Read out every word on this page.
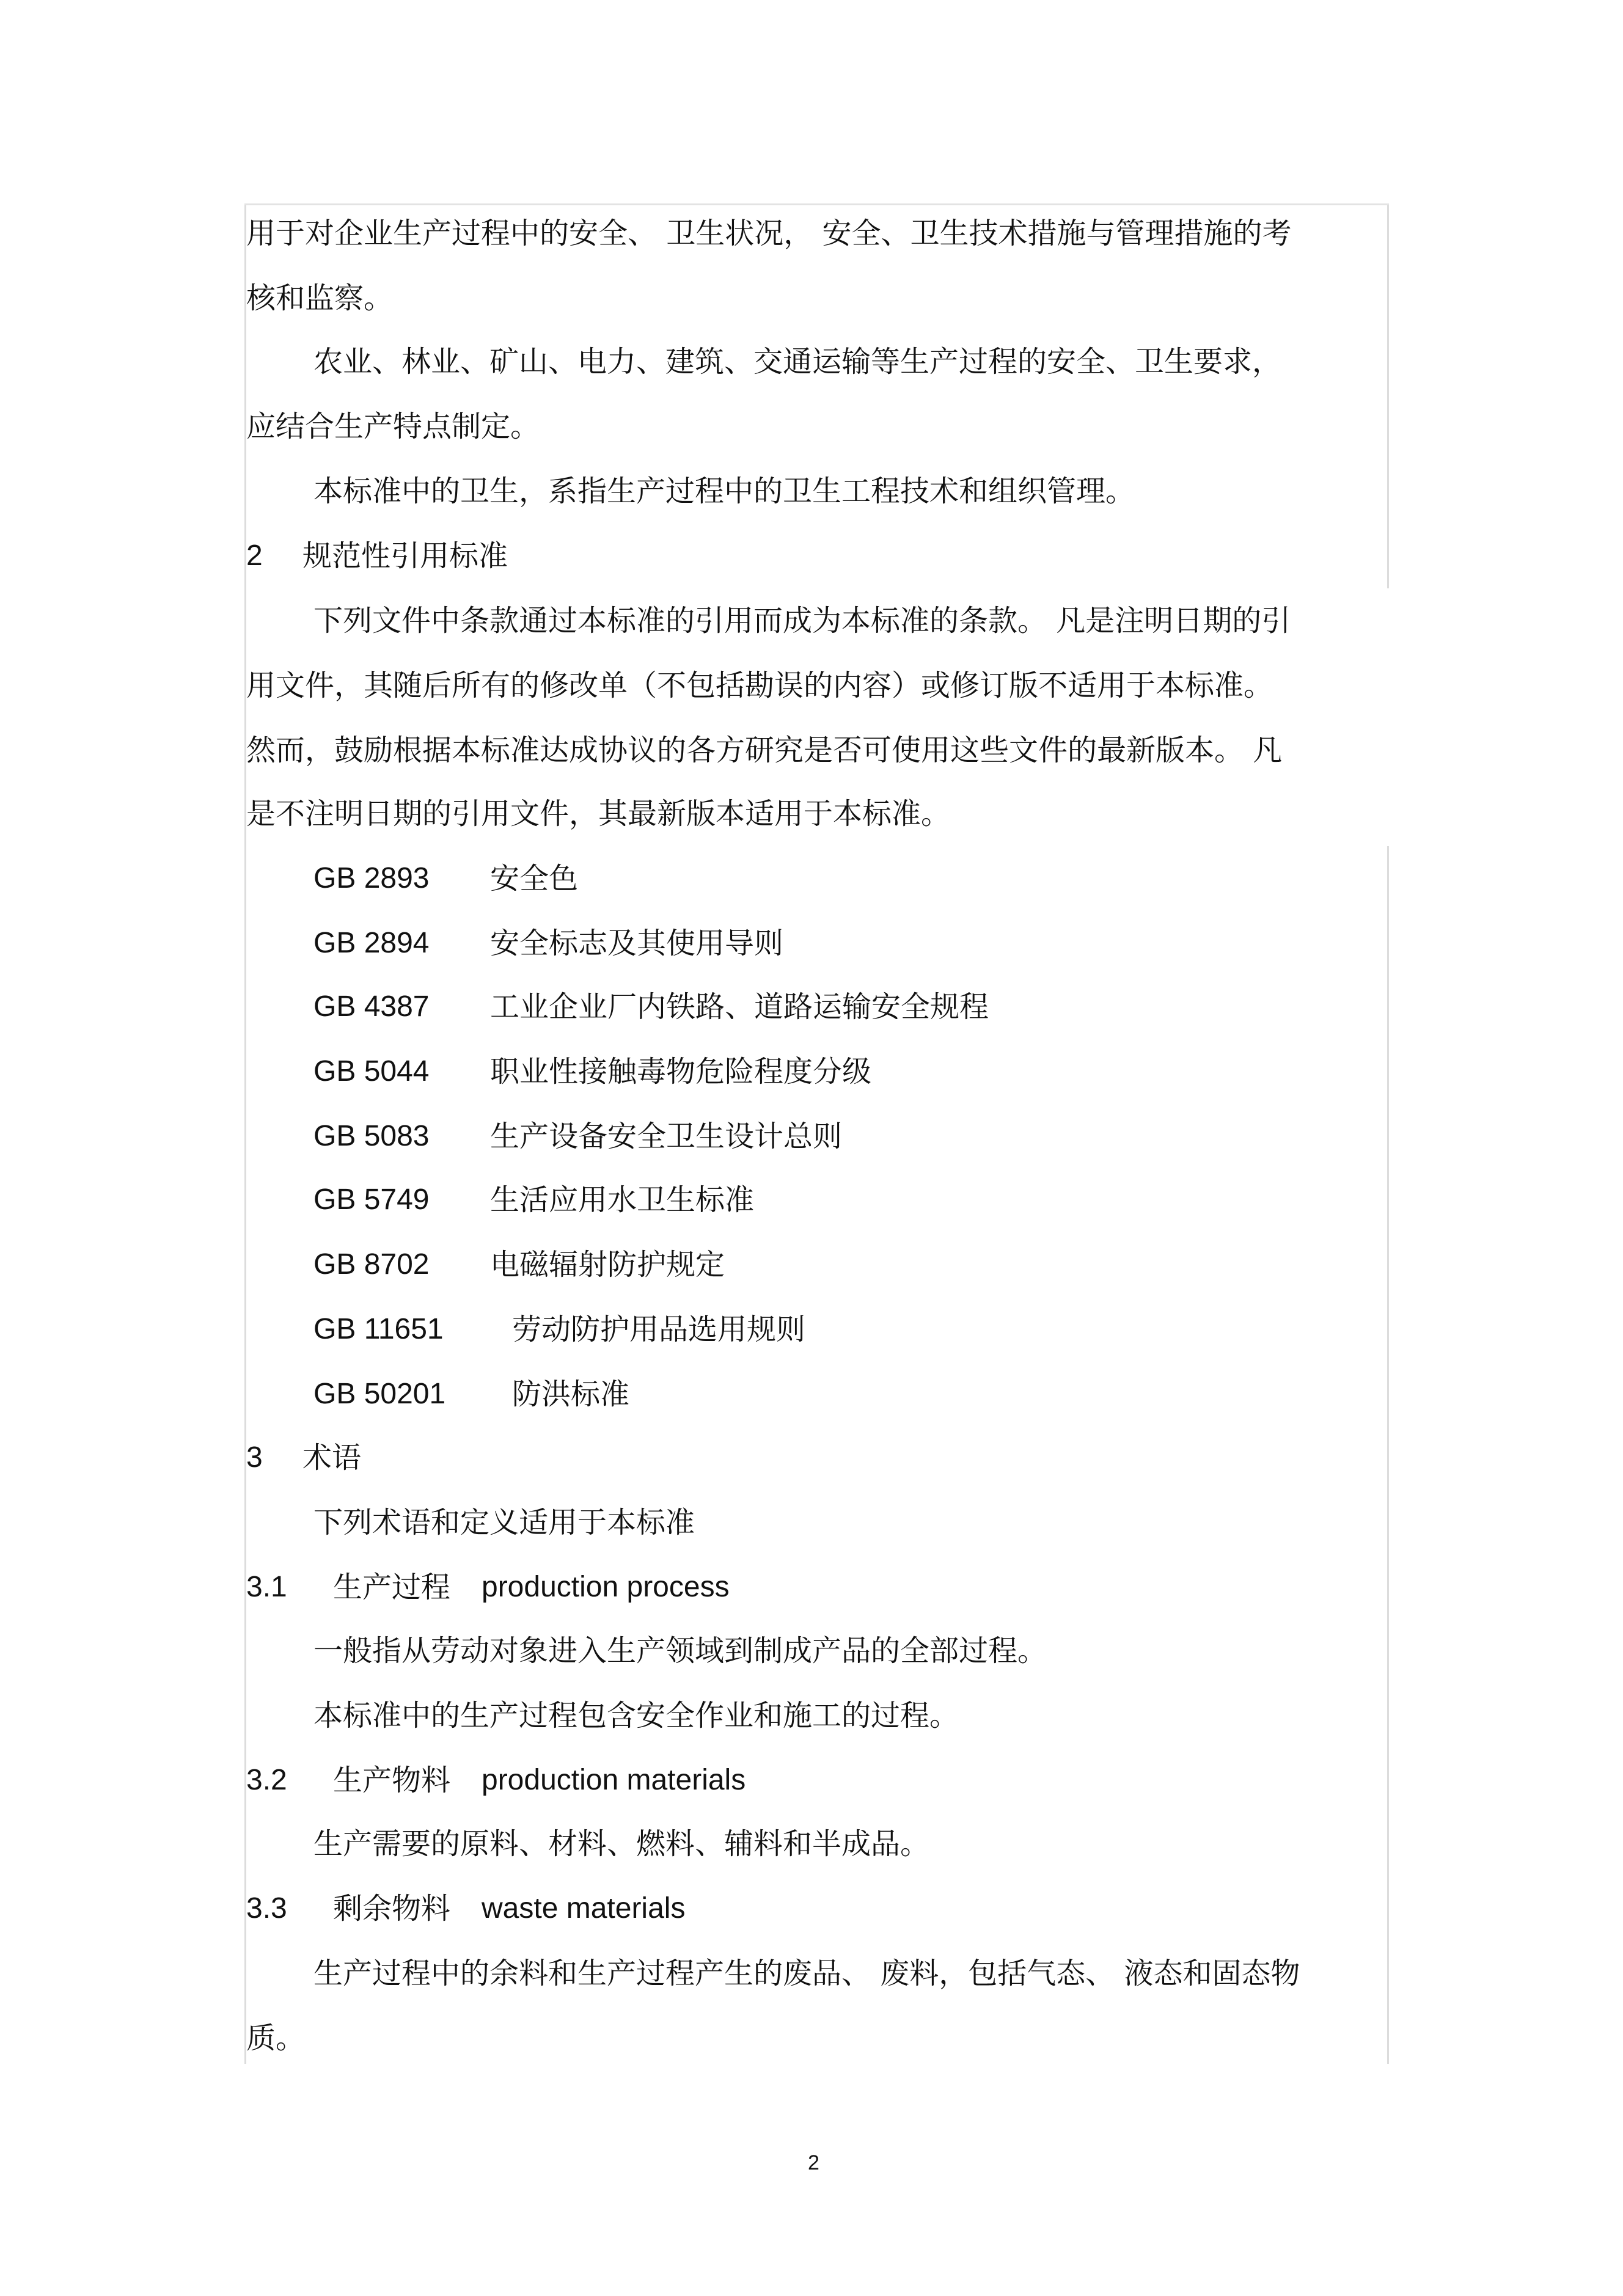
用于对企业生产过程中的安全、 卫生状况， 安全、卫生技术措施与管理措施的考
核和监察。
农业、林业、矿山、电力、建筑、交通运输等生产过程的安全、卫生要求，
应结合生产特点制定。
本标准中的卫生，系指生产过程中的卫生工程技术和组织管理。
2 规范性引用标准
下列文件中条款通过本标准的引用而成为本标准的条款。 凡是注明日期的引
用文件，其随后所有的修改单（不包括勘误的内容）或修订版不适用于本标准。
然而，鼓励根据本标准达成协议的各方研究是否可使用这些文件的最新版本。 凡
是不注明日期的引用文件，其最新版本适用于本标准。
GB 2893 安全色
GB 2894 安全标志及其使用导则
GB 4387 工业企业厂内铁路、道路运输安全规程
GB 5044 职业性接触毒物危险程度分级
GB 5083 生产设备安全卫生设计总则
GB 5749 生活应用水卫生标准
GB 8702 电磁辐射防护规定
GB 11651 劳动防护用品选用规则
GB 50201 防洪标准
3 术语
下列术语和定义适用于本标准
3.1 生产过程 production process
一般指从劳动对象进入生产领域到制成产品的全部过程。
本标准中的生产过程包含安全作业和施工的过程。
3.2 生产物料 production materials
生产需要的原料、材料、燃料、辅料和半成品。
3.3 剩余物料 waste materials
生产过程中的余料和生产过程产生的废品、 废料，包括气态、 液态和固态物
质。
2
